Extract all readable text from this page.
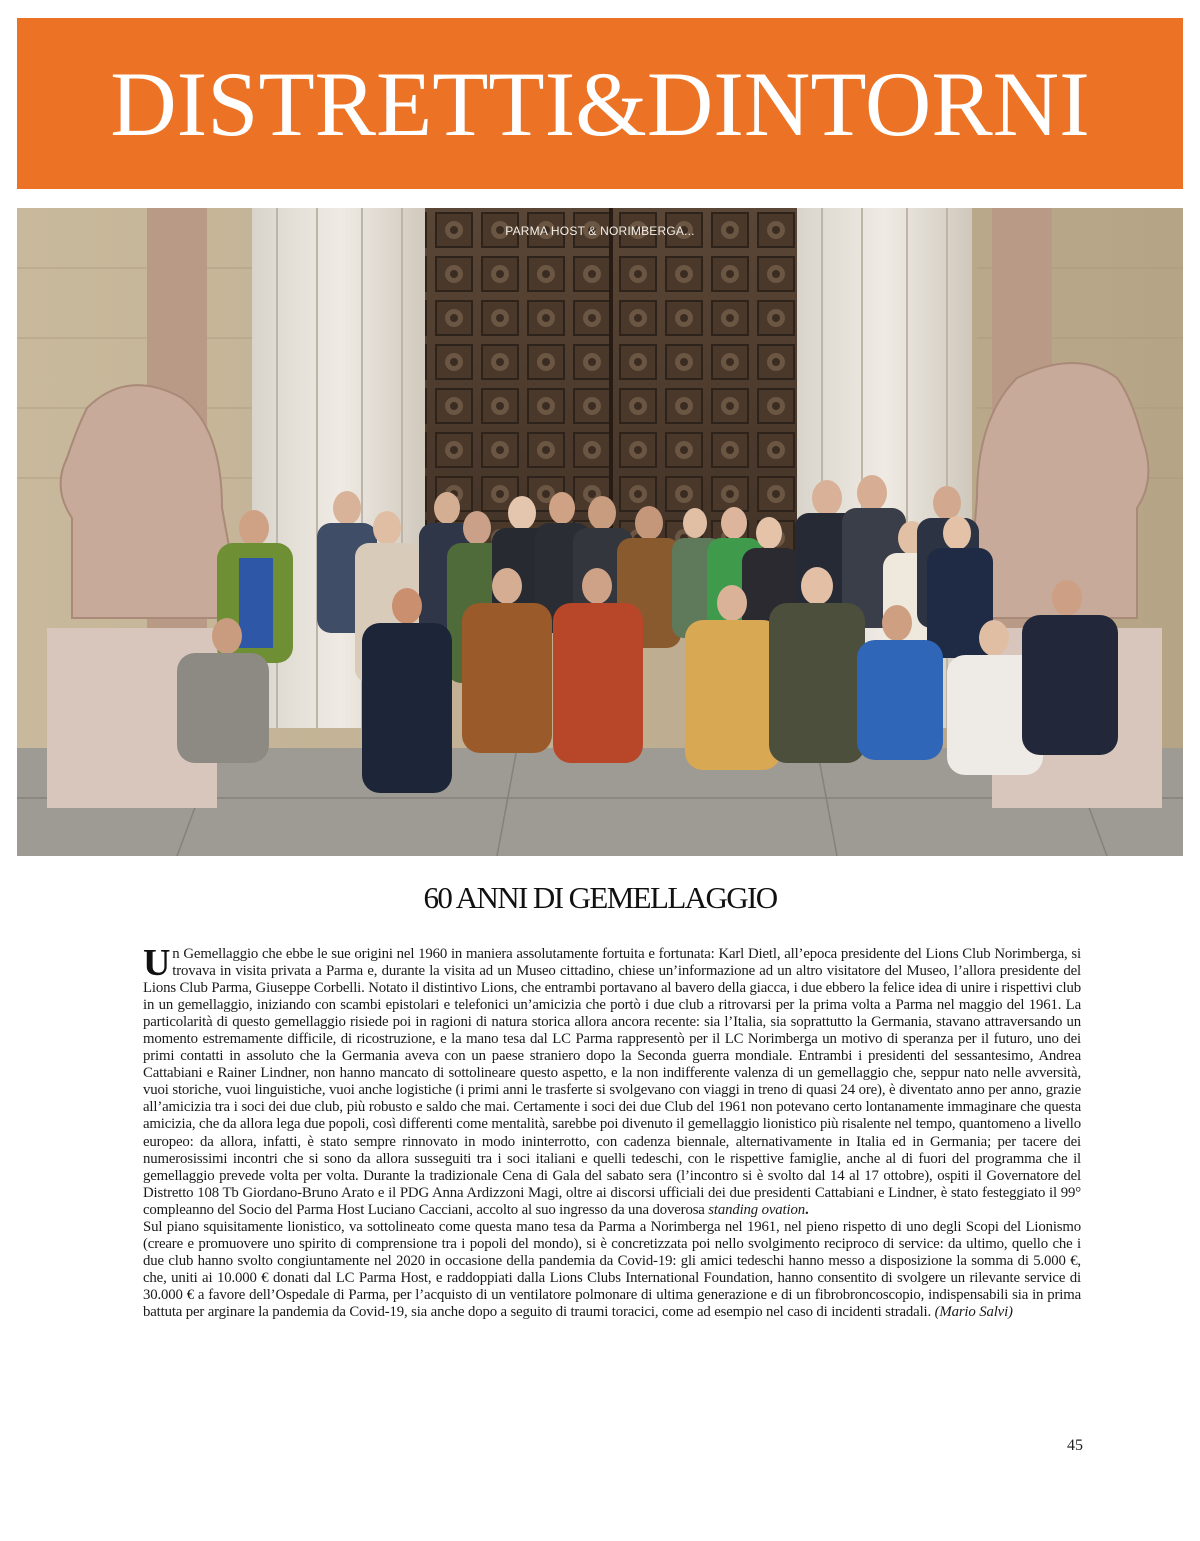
DISTRETTI&DINTORNI
PARMA HOST & NORIMBERGA...
60 ANNI DI GEMELLAGGIO

Un Gemellaggio che ebbe le sue origini nel 1960 in maniera assolutamente fortuita e fortunata: Karl Dietl, all’epoca presidente del Lions Club Norimberga, si trovava in visita privata a Parma e, durante la visita ad un Museo cittadino, chiese un’informazione ad un altro visitatore del Museo, l’allora presidente del Lions Club Parma, Giuseppe Corbelli. Notato il distintivo Lions, che entrambi portavano al bavero della giacca, i due ebbero la felice idea di unire i rispettivi club in un gemellaggio, iniziando con scambi epistolari e telefonici un’amicizia che portò i due club a ritrovarsi per la prima volta a Parma nel maggio del 1961. La particolarità di questo gemellaggio risiede poi in ragioni di natura storica allora ancora recente: sia l’Italia, sia soprattutto la Germania, stavano attraversando un momento estremamente difficile, di ricostruzione, e la mano tesa dal LC Parma rappresentò per il LC Norimberga un motivo di speranza per il futuro, uno dei primi contatti in assoluto che la Germania aveva con un paese straniero dopo la Seconda guerra mondiale. Entrambi i presidenti del sessantesimo, Andrea Cattabiani e Rainer Lindner, non hanno mancato di sottolineare questo aspetto, e la non indifferente valenza di un gemellaggio che, seppur nato nelle avversità, vuoi storiche, vuoi linguistiche, vuoi anche logistiche (i primi anni le trasferte si svolgevano con viaggi in treno di quasi 24 ore), è diventato anno per anno, grazie all’amicizia tra i soci dei due club, più robusto e saldo che mai. Certamente i soci dei due Club del 1961 non potevano certo lontanamente immaginare che questa amicizia, che da allora lega due popoli, così differenti come mentalità, sarebbe poi divenuto il gemellaggio lionistico più risalente nel tempo, quantomeno a livello europeo: da allora, infatti, è stato sempre rinnovato in modo ininterrotto, con cadenza biennale, alternativamente in Italia ed in Germania; per tacere dei numerosissimi incontri che si sono da allora susseguiti tra i soci italiani e quelli tedeschi, con le rispettive famiglie, anche al di fuori del programma che il gemellaggio prevede volta per volta. Durante la tradizionale Cena di Gala del sabato sera (l’incontro si è svolto dal 14 al 17 ottobre), ospiti il Governatore del Distretto 108 Tb Giordano-Bruno Arato e il PDG Anna Ardizzoni Magi, oltre ai discorsi ufficiali dei due presidenti Cattabiani e Lindner, è stato festeggiato il 99° compleanno del Socio del Parma Host Luciano Cacciani, accolto al suo ingresso da una doverosa standing ovation.

Sul piano squisitamente lionistico, va sottolineato come questa mano tesa da Parma a Norimberga nel 1961, nel pieno rispetto di uno degli Scopi del Lionismo (creare e promuovere uno spirito di comprensione tra i popoli del mondo), si è concretizzata poi nello svolgimento reciproco di service: da ultimo, quello che i due club hanno svolto congiuntamente nel 2020 in occasione della pandemia da Covid-19: gli amici tedeschi hanno messo a disposizione la somma di 5.000 €, che, uniti ai 10.000 € donati dal LC Parma Host, e raddoppiati dalla Lions Clubs International Foundation, hanno consentito di svolgere un rilevante service di 30.000 € a favore dell’Ospedale di Parma, per l’acquisto di un ventilatore polmonare di ultima generazione e di un fibrobroncoscopio, indispensabili sia in prima battuta per arginare la pandemia da Covid-19, sia anche dopo a seguito di traumi toracici, come ad esempio nel caso di incidenti stradali. (Mario Salvi)

45
